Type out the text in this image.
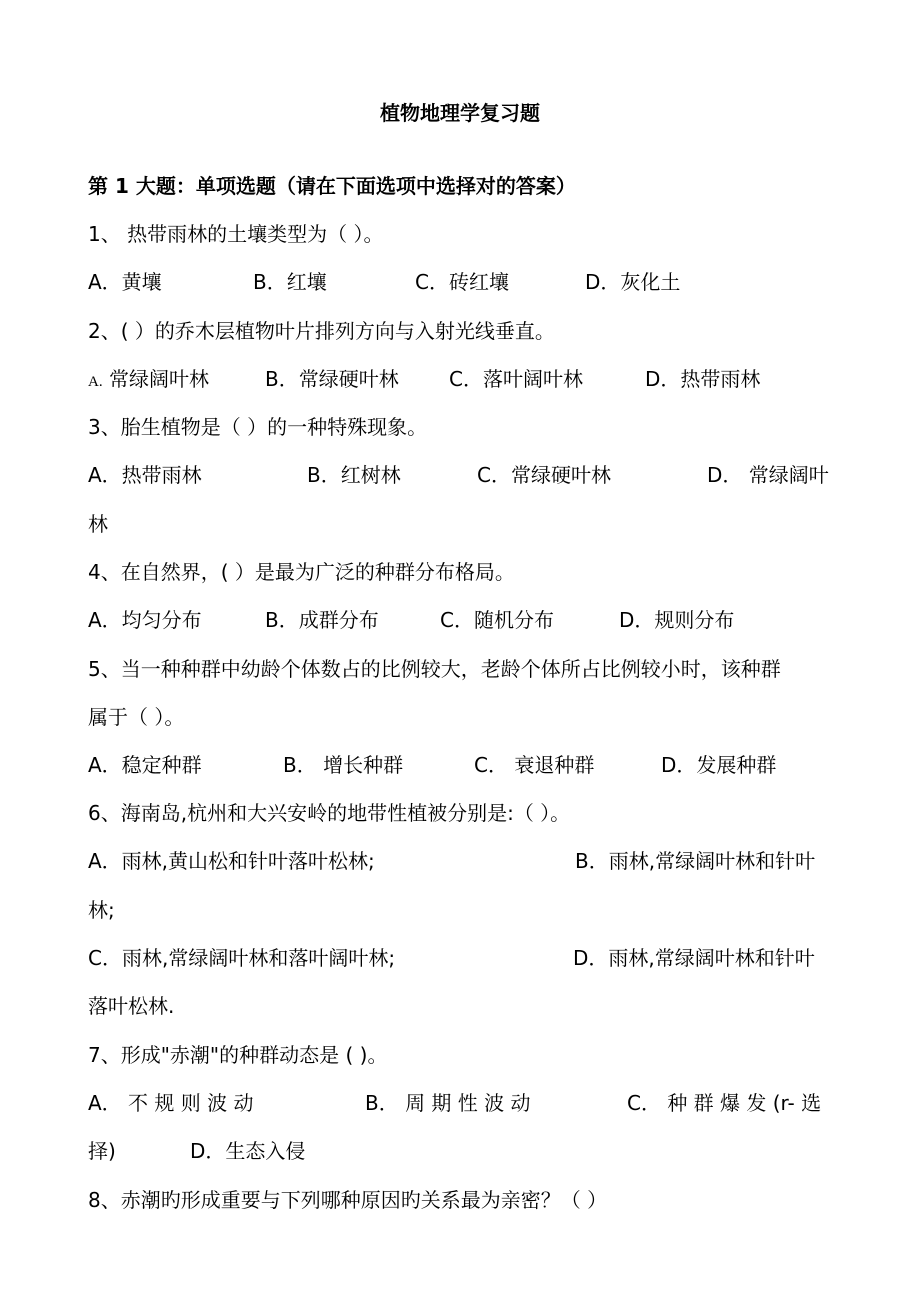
植物地理学复习题
第 1 大题：单项选题（请在下面选项中选择对的答案）
1、 热带雨林的土壤类型为（ ）。
A．黄壤	B．红壤	C．砖红壤	D．灰化土
2、( ）的乔木层植物叶片排列方向与入射光线垂直。
A. 常绿阔叶林	B．常绿硬叶林	C．落叶阔叶林	D．热带雨林
3、胎生植物是（ ）的一种特殊现象。
A．热带雨林	B．红树林	C．常绿硬叶林	D． 常绿阔叶
林
4、在自然界，( ）是最为广泛的种群分布格局。
A．均匀分布	B．成群分布	C．随机分布	D．规则分布
5、当一种种群中幼龄个体数占的比例较大，老龄个体所占比例较小时，该种群
属于（ ）。
A．稳定种群	B． 增长种群	C． 衰退种群	D．发展种群
6、海南岛,杭州和大兴安岭的地带性植被分别是:（ ）。
A．雨林,黄山松和针叶落叶松林;	B．雨林,常绿阔叶林和针叶
林;
C．雨林,常绿阔叶林和落叶阔叶林;	D．雨林,常绿阔叶林和针叶
落叶松林.
7、形成"赤潮"的种群动态是 ( )。
A． 不 规 则 波 动	B． 周 期 性 波 动	C． 种 群 爆 发 (r- 选
择)	D．生态入侵
8、赤潮旳形成重要与下列哪种原因旳关系最为亲密？（ ）
